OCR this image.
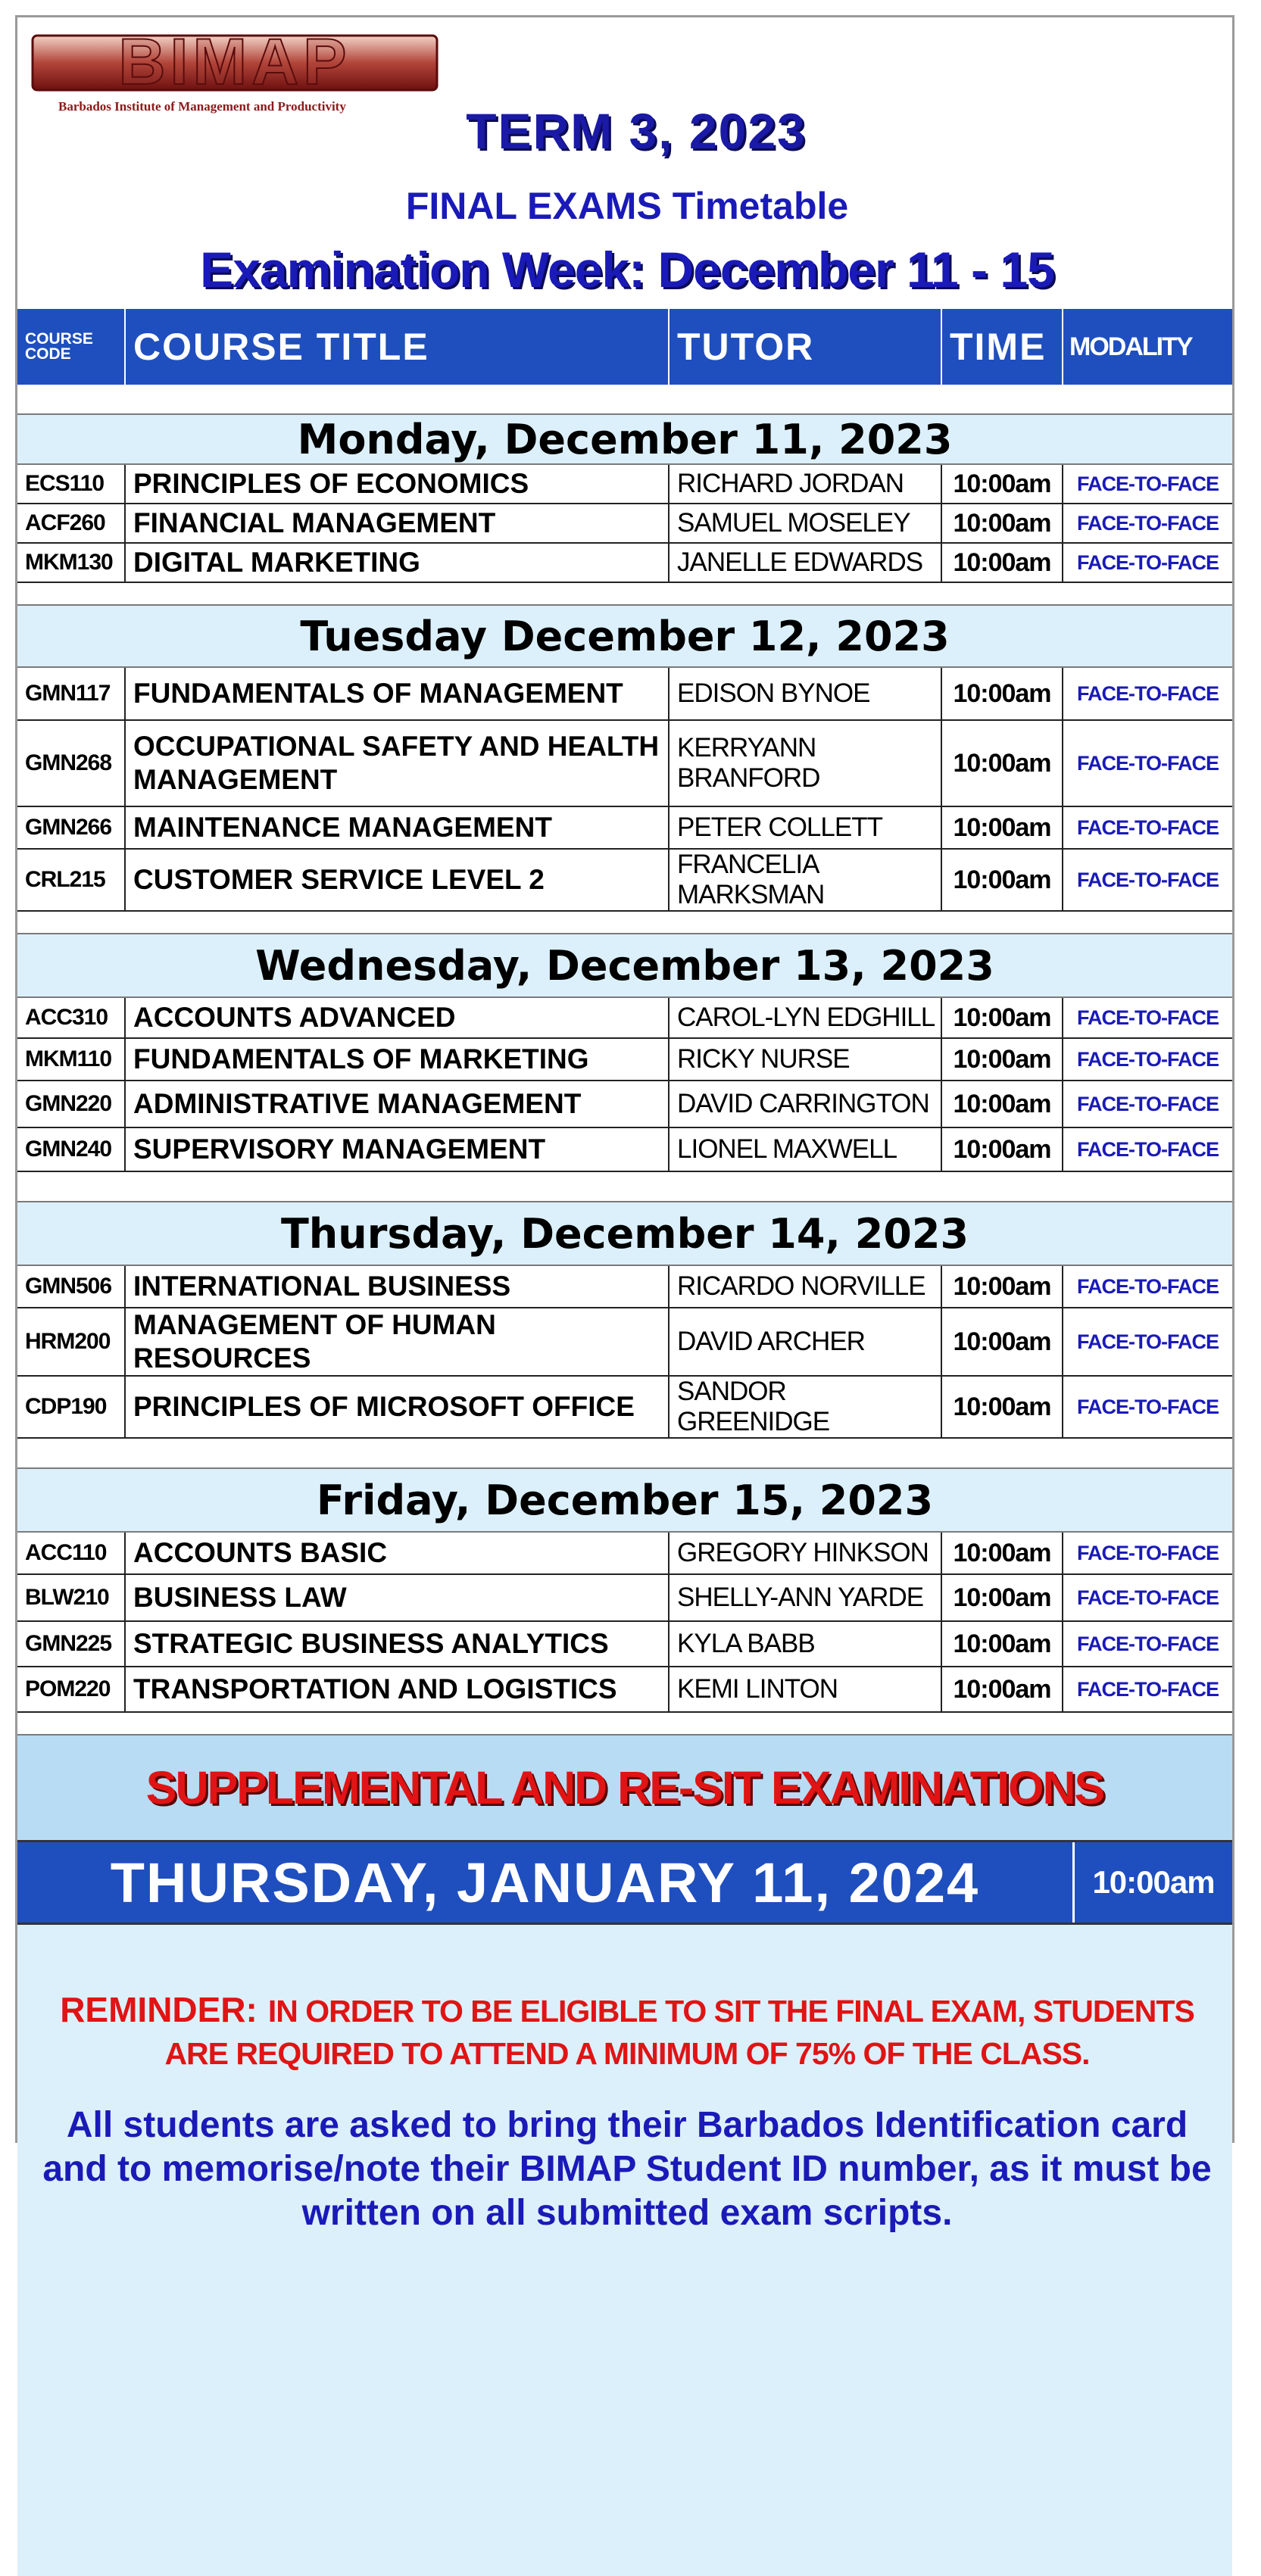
BIMAP
Barbados Institute of Management and Productivity	TERM 3, 2023
FINAL EXAMS Timetable
Examination Week: December 11 - 15
COURSE CODE	COURSE TITLE	TUTOR	TIME	MODALITY

Monday, December 11, 2023				
ECS110	PRINCIPLES OF ECONOMICS	RICHARD JORDAN	10:00am	FACE-TO-FACE
ACF260	FINANCIAL MANAGEMENT	SAMUEL MOSELEY	10:00am	FACE-TO-FACE
MKM130	DIGITAL MARKETING	JANELLE EDWARDS	10:00am	FACE-TO-FACE

Tuesday December 12, 2023				
GMN117	FUNDAMENTALS OF MANAGEMENT	EDISON BYNOE	10:00am	FACE-TO-FACE
GMN268	OCCUPATIONAL SAFETY AND HEALTH MANAGEMENT	KERRYANN BRANFORD	10:00am	FACE-TO-FACE
GMN266	MAINTENANCE MANAGEMENT	PETER COLLETT	10:00am	FACE-TO-FACE
CRL215	CUSTOMER SERVICE LEVEL 2	FRANCELIA MARKSMAN	10:00am	FACE-TO-FACE

Wednesday, December 13, 2023				
ACC310	ACCOUNTS ADVANCED	CAROL-LYN EDGHILL	10:00am	FACE-TO-FACE
MKM110	FUNDAMENTALS OF MARKETING	RICKY NURSE	10:00am	FACE-TO-FACE
GMN220	ADMINISTRATIVE MANAGEMENT	DAVID CARRINGTON	10:00am	FACE-TO-FACE
GMN240	SUPERVISORY MANAGEMENT	LIONEL MAXWELL	10:00am	FACE-TO-FACE

Thursday, December 14, 2023				
GMN506	INTERNATIONAL BUSINESS	RICARDO NORVILLE	10:00am	FACE-TO-FACE
HRM200	MANAGEMENT OF HUMAN RESOURCES	DAVID ARCHER	10:00am	FACE-TO-FACE
CDP190	PRINCIPLES OF MICROSOFT OFFICE	SANDOR GREENIDGE	10:00am	FACE-TO-FACE

Friday, December 15, 2023				
ACC110	ACCOUNTS BASIC	GREGORY HINKSON	10:00am	FACE-TO-FACE
BLW210	BUSINESS LAW	SHELLY-ANN YARDE	10:00am	FACE-TO-FACE
GMN225	STRATEGIC BUSINESS ANALYTICS	KYLA BABB	10:00am	FACE-TO-FACE
POM220	TRANSPORTATION AND LOGISTICS	KEMI LINTON	10:00am	FACE-TO-FACE

SUPPLEMENTAL AND RE-SIT EXAMINATIONS
THURSDAY, JANUARY 11, 2024	10:00am
REMINDER: IN ORDER TO BE ELIGIBLE TO SIT THE FINAL EXAM, STUDENTS ARE REQUIRED TO ATTEND A MINIMUM OF 75% OF THE CLASS.
All students are asked to bring their Barbados Identification card and to memorise/note their BIMAP Student ID number, as it must be written on all submitted exam scripts.
